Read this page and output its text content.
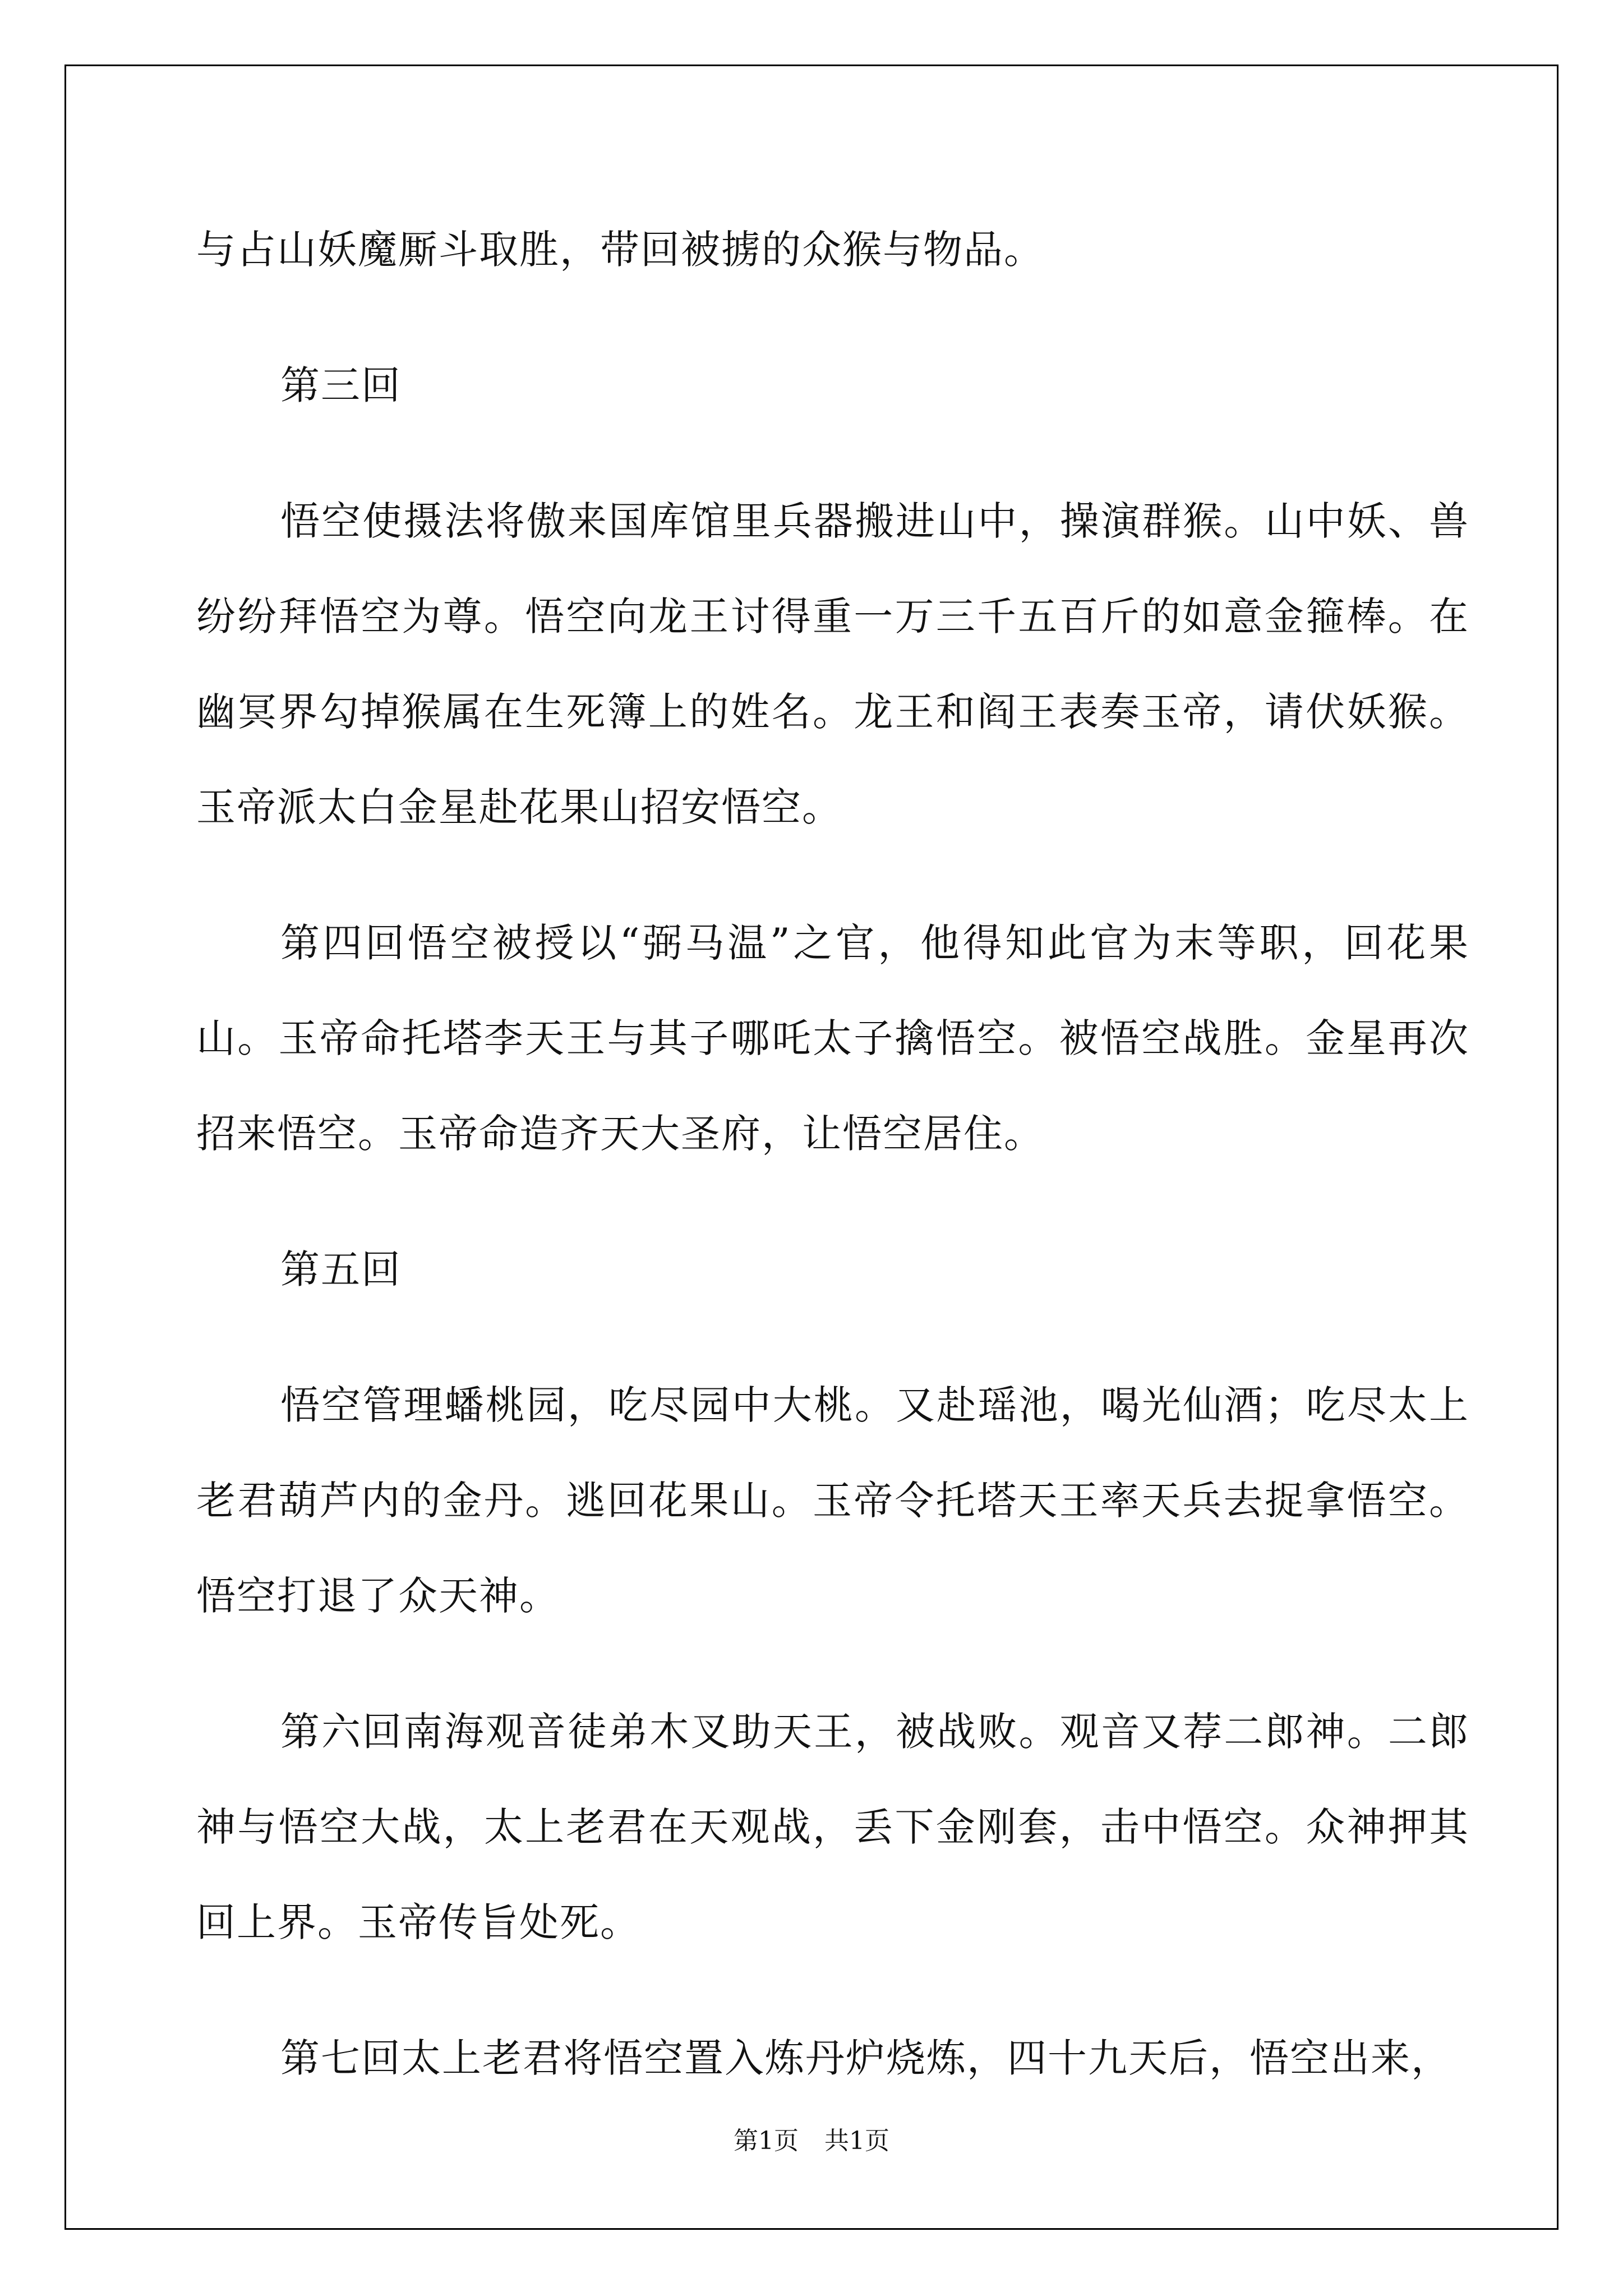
与占山妖魔厮斗取胜，带回被掳的众猴与物品。

第三回

悟空使摄法将傲来国库馆里兵器搬进山中，操演群猴。山中妖、兽纷纷拜悟空为尊。悟空向龙王讨得重一万三千五百斤的如意金箍棒。在幽冥界勾掉猴属在生死簿上的姓名。龙王和阎王表奏玉帝，请伏妖猴。玉帝派太白金星赴花果山招安悟空。

第四回悟空被授以“弼马温”之官，他得知此官为末等职，回花果山。玉帝命托塔李天王与其子哪吒太子擒悟空。被悟空战胜。金星再次招来悟空。玉帝命造齐天大圣府，让悟空居住。

第五回

悟空管理蟠桃园，吃尽园中大桃。又赴瑶池，喝光仙酒；吃尽太上老君葫芦内的金丹。逃回花果山。玉帝令托塔天王率天兵去捉拿悟空。悟空打退了众天神。

第六回南海观音徒弟木叉助天王，被战败。观音又荐二郎神。二郎神与悟空大战，太上老君在天观战，丢下金刚套，击中悟空。众神押其回上界。玉帝传旨处死。

第七回太上老君将悟空置入炼丹炉烧炼，四十九天后，悟空出来，

第1页 共1页
